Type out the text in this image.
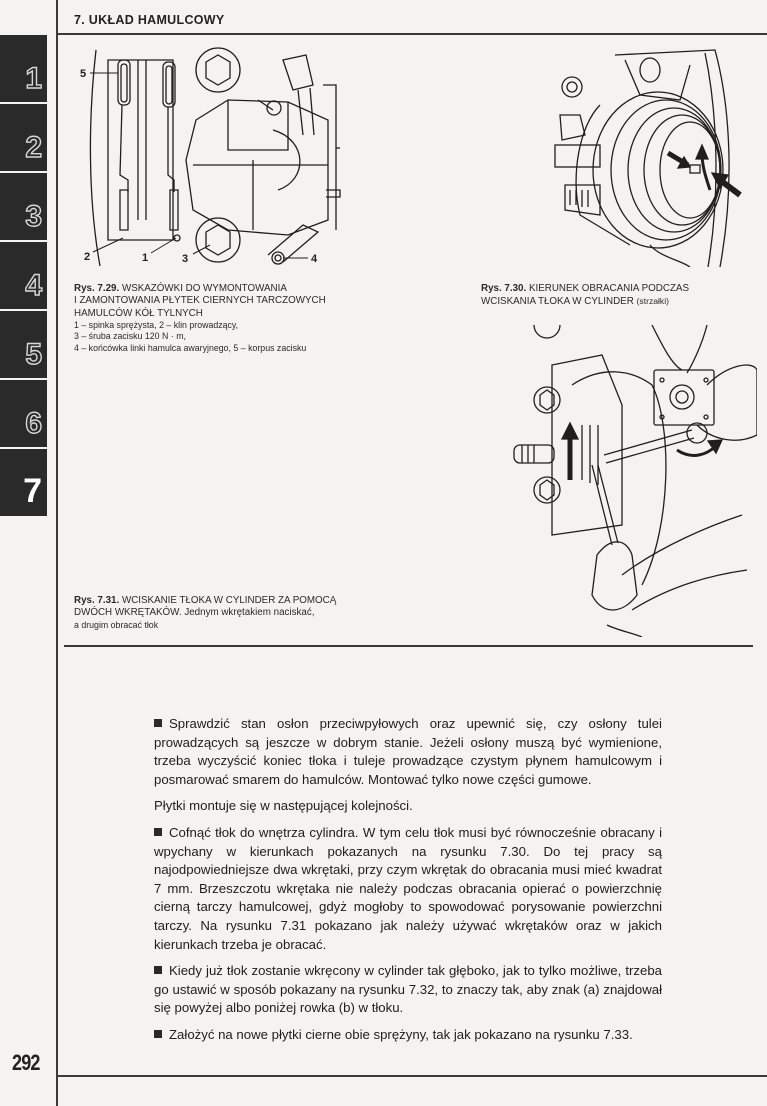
7. UKŁAD HAMULCOWY
1
2
3
4
5
6
7
5
2	1	3	4
Rys. 7.29. WSKAZÓWKI DO WYMONTOWANIA
I ZAMONTOWANIA PŁYTEK CIERNYCH TARCZOWYCH
HAMULCÓW KÓŁ TYLNYCH
1 – spinka sprężysta, 2 – klin prowadzący,
3 – śruba zacisku 120 N · m,
4 – końcówka linki hamulca awaryjnego, 5 – korpus zacisku
Rys. 7.30. KIERUNEK OBRACANIA PODCZAS
WCISKANIA TŁOKA W CYLINDER (strzałki)
Rys. 7.31. WCISKANIE TŁOKA W CYLINDER ZA POMOCĄ
DWÓCH WKRĘTAKÓW. Jednym wkrętakiem naciskać,
a drugim obracać tłok

Sprawdzić stan osłon przeciwpyłowych oraz upewnić się, czy osłony tulei prowadzących są jeszcze w dobrym stanie. Jeżeli osłony muszą być wymienione, trzeba wyczyścić koniec tłoka i tuleje prowadzące czystym płynem hamulcowym i posmarować smarem do hamulców. Montować tylko nowe części gumowe.

Płytki montuje się w następującej kolejności.

Cofnąć tłok do wnętrza cylindra. W tym celu tłok musi być równocześnie obracany i wpychany w kierunkach pokazanych na rysunku 7.30. Do tej pracy są najodpowiedniejsze dwa wkrętaki, przy czym wkrętak do obracania musi mieć kwadrat 7 mm. Brzeszczotu wkrętaka nie należy podczas obracania opierać o powierzchnię cierną tarczy hamulcowej, gdyż mogłoby to spowodować porysowanie powierzchni tarczy. Na rysunku 7.31 pokazano jak należy używać wkrętaków oraz w jakich kierunkach trzeba je obracać.

Kiedy już tłok zostanie wkręcony w cylinder tak głęboko, jak to tylko możliwe, trzeba go ustawić w sposób pokazany na rysunku 7.32, to znaczy tak, aby znak (a) znajdował się powyżej albo poniżej rowka (b) w tłoku.

Założyć na nowe płytki cierne obie sprężyny, tak jak pokazano na rysunku 7.33.

292
